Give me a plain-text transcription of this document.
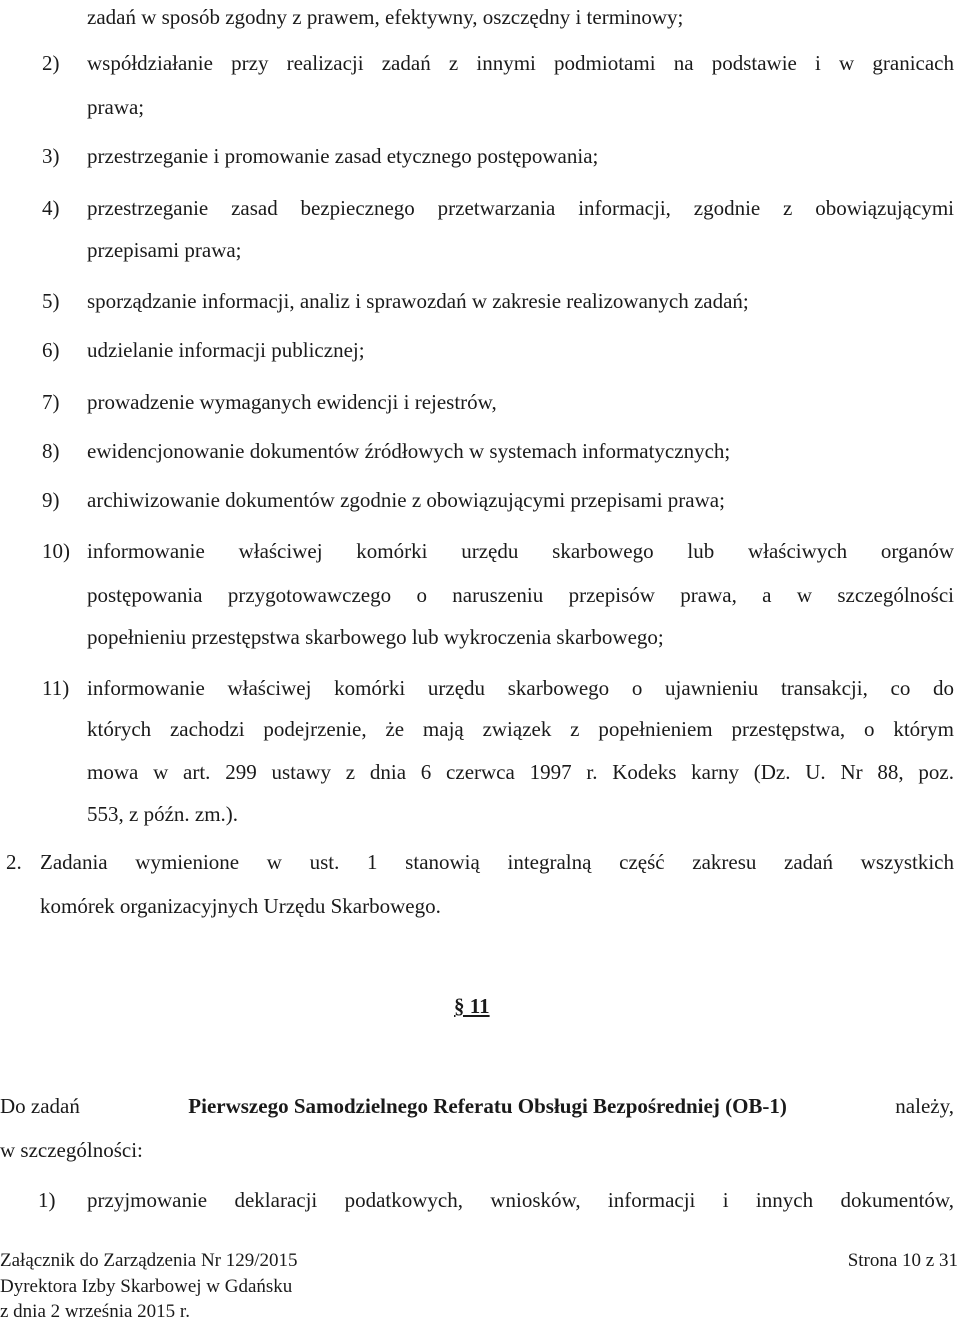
zadań w sposób zgodny z prawem, efektywny, oszczędny i terminowy;
2) współdziałanie przy realizacji zadań z innymi podmiotami na podstawie i w granicach
prawa;
3) przestrzeganie i promowanie zasad etycznego postępowania;
4) przestrzeganie zasad bezpiecznego przetwarzania informacji, zgodnie z obowiązującymi
przepisami prawa;
5) sporządzanie informacji, analiz i sprawozdań w zakresie realizowanych zadań;
6) udzielanie informacji publicznej;
7) prowadzenie wymaganych ewidencji i rejestrów,
8) ewidencjonowanie dokumentów źródłowych w systemach informatycznych;
9) archiwizowanie dokumentów zgodnie z obowiązującymi przepisami prawa;
10) informowanie właściwej komórki urzędu skarbowego lub właściwych organów
postępowania przygotowawczego o naruszeniu przepisów prawa, a w szczególności
popełnieniu przestępstwa skarbowego lub wykroczenia skarbowego;
11) informowanie właściwej komórki urzędu skarbowego o ujawnieniu transakcji, co do
których zachodzi podejrzenie, że mają związek z popełnieniem przestępstwa, o którym
mowa w art. 299 ustawy z dnia 6 czerwca 1997 r. Kodeks karny (Dz. U. Nr 88, poz.
553, z późn. zm.).
2. Zadania wymienione w ust. 1 stanowią integralną część zakresu zadań wszystkich
komórek organizacyjnych Urzędu Skarbowego.
§ 11
Do zadań	Pierwszego Samodzielnego Referatu Obsługi Bezpośredniej (OB-1)	należy,
w szczególności:
1) przyjmowanie deklaracji podatkowych, wniosków, informacji i innych dokumentów,
Załącznik do Zarządzenia Nr 129/2015
Dyrektora Izby Skarbowej w Gdańsku
z dnia 2 września 2015 r.
Strona 10 z 31
